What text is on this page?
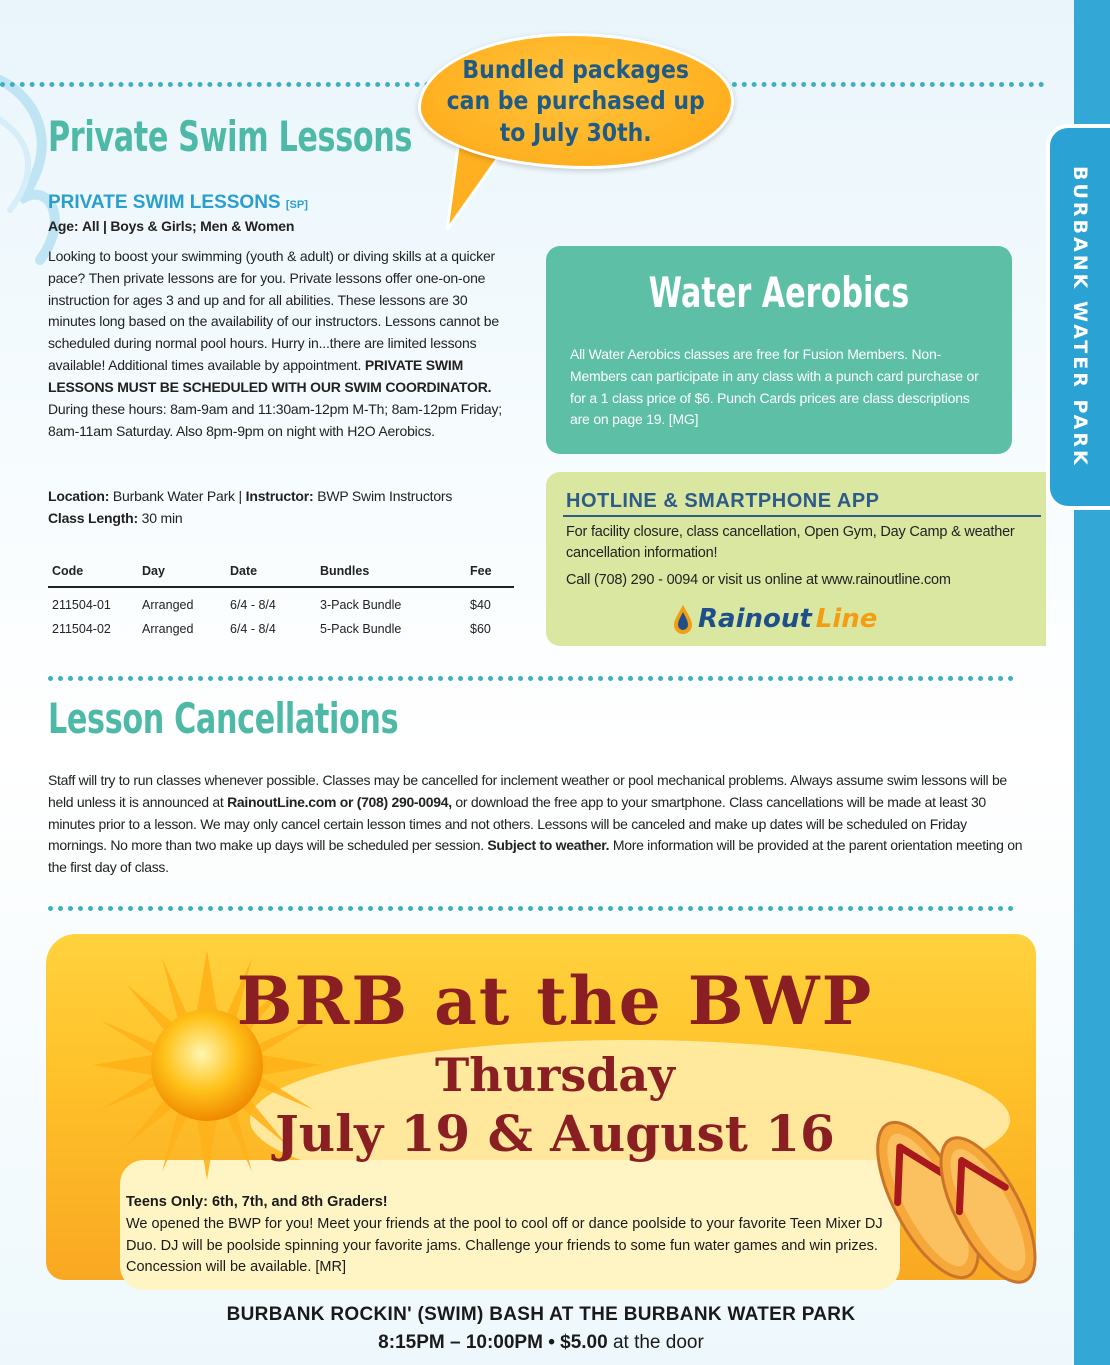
BURBANK WATER PARK

Bundled packages
can be purchased up
to July 30th.

Private Swim Lessons
PRIVATE SWIM LESSONS [SP]
Age: All | Boys & Girls; Men & Women
Looking to boost your swimming (youth & adult) or diving skills at a quicker pace? Then private lessons are for you. Private lessons offer one-on-one instruction for ages 3 and up and for all abilities. These lessons are 30 minutes long based on the availability of our instructors. Lessons cannot be scheduled during normal pool hours. Hurry in...there are limited lessons available! Additional times available by appointment. PRIVATE SWIM LESSONS MUST BE SCHEDULED WITH OUR SWIM COORDINATOR. During these hours: 8am-9am and 11:30am-12pm M-Th; 8am-12pm Friday; 8am-11am Saturday. Also 8pm-9pm on night with H2O Aerobics.
Location: Burbank Water Park | Instructor: BWP Swim Instructors
Class Length: 30 min
Code	Day	Date	Bundles	Fee
211504-01	Arranged	6/4 - 8/4	3-Pack Bundle	$40
211504-02	Arranged	6/4 - 8/4	5-Pack Bundle	$60
Water Aerobics
All Water Aerobics classes are free for Fusion Members. Non-Members can participate in any class with a punch card purchase or for a 1 class price of $6. Punch Cards prices are class descriptions are on page 19. [MG]
HOTLINE & SMARTPHONE APP
For facility closure, class cancellation, Open Gym, Day Camp & weather cancellation information!
Call (708) 290 - 0094 or visit us online at www.rainoutline.com
Rainout Line
Lesson Cancellations
Staff will try to run classes whenever possible. Classes may be cancelled for inclement weather or pool mechanical problems. Always assume swim lessons will be held unless it is announced at RainoutLine.com or (708) 290-0094, or download the free app to your smartphone. Class cancellations will be made at least 30 minutes prior to a lesson. We may only cancel certain lesson times and not others. Lessons will be canceled and make up dates will be scheduled on Friday mornings. No more than two make up days will be scheduled per session. Subject to weather. More information will be provided at the parent orientation meeting on the first day of class.
BRB at the BWP
Thursday
July 19 & August 16
Teens Only: 6th, 7th, and 8th Graders!
We opened the BWP for you! Meet your friends at the pool to cool off or dance poolside to your favorite Teen Mixer DJ Duo. DJ will be poolside spinning your favorite jams. Challenge your friends to some fun water games and win prizes. Concession will be available. [MR]
BURBANK ROCKIN' (SWIM) BASH AT THE BURBANK WATER PARK
8:15PM – 10:00PM • $5.00 at the door
